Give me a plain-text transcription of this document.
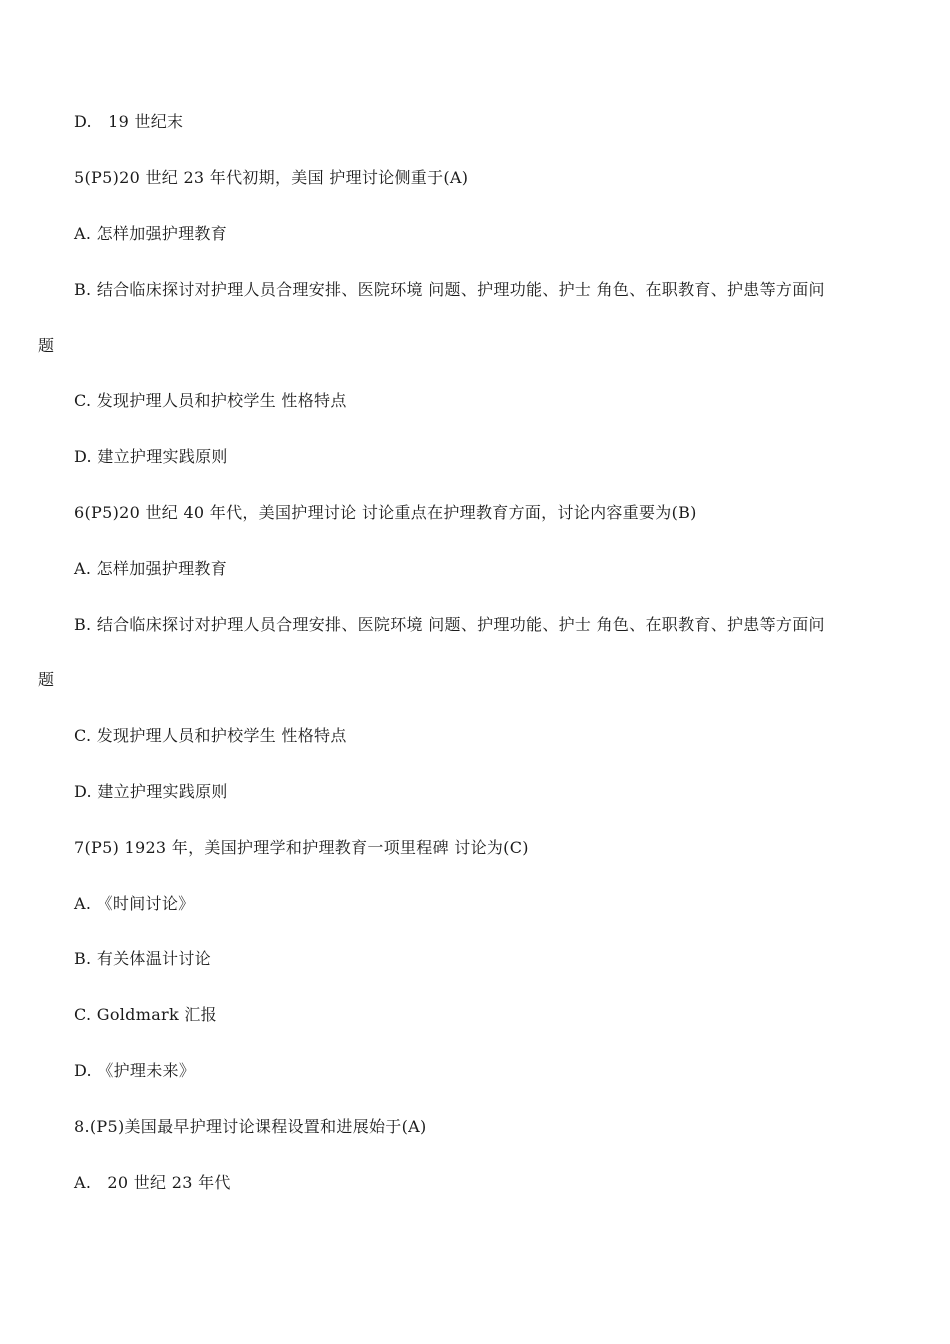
D.   19 世纪末
5(P5)20 世纪 23 年代初期，美国 护理讨论侧重于(A)
A. 怎样加强护理教育
B. 结合临床探讨对护理人员合理安排、医院环境 问题、护理功能、护士 角色、在职教育、护患等方面问
题
C. 发现护理人员和护校学生 性格特点
D. 建立护理实践原则
6(P5)20 世纪 40 年代，美国护理讨论 讨论重点在护理教育方面，讨论内容重要为(B)
A. 怎样加强护理教育
B. 结合临床探讨对护理人员合理安排、医院环境 问题、护理功能、护士 角色、在职教育、护患等方面问
题
C. 发现护理人员和护校学生 性格特点
D. 建立护理实践原则
7(P5) 1923 年，美国护理学和护理教育一项里程碑 讨论为(C)
A. 《时间讨论》
B. 有关体温计讨论
C. Goldmark 汇报
D. 《护理未来》
8.(P5)美国最早护理讨论课程设置和进展始于(A)
A.   20 世纪 23 年代
